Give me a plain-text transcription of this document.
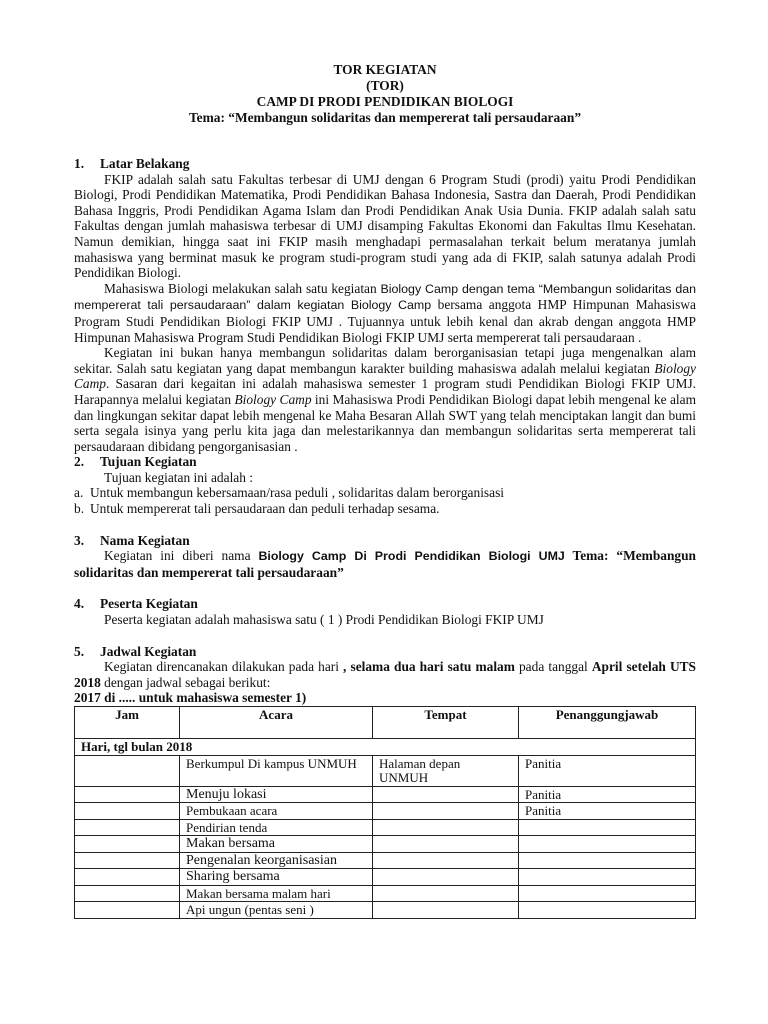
TOR KEGIATAN
(TOR)
CAMP DI PRODI PENDIDIKAN BIOLOGI
Tema: “Membangun solidaritas dan mempererat tali persaudaraan”
1.	Latar Belakang
FKIP adalah salah satu Fakultas terbesar di UMJ dengan 6 Program Studi (prodi) yaitu Prodi Pendidikan Biologi, Prodi Pendidikan Matematika, Prodi Pendidikan Bahasa Indonesia, Sastra dan Daerah, Prodi Pendidikan Bahasa Inggris, Prodi Pendidikan Agama Islam dan Prodi Pendidikan Anak Usia Dunia. FKIP adalah salah satu Fakultas dengan jumlah mahasiswa terbesar di UMJ disamping Fakultas Ekonomi dan Fakultas Ilmu Kesehatan. Namun demikian, hingga saat ini FKIP masih menghadapi permasalahan terkait belum meratanya jumlah mahasiswa yang berminat masuk ke program studi-program studi yang ada di FKIP, salah satunya adalah Prodi Pendidikan Biologi.
Mahasiswa Biologi melakukan salah satu kegiatan Biology Camp dengan tema “Membangun solidaritas dan mempererat tali persaudaraan” dalam kegiatan Biology Camp bersama anggota HMP Himpunan Mahasiswa Program Studi Pendidikan Biologi FKIP UMJ . Tujuannya untuk lebih kenal dan akrab dengan anggota HMP Himpunan Mahasiswa Program Studi Pendidikan Biologi FKIP UMJ serta mempererat tali persaudaraan .
Kegiatan ini bukan hanya membangun solidaritas dalam berorganisasian tetapi juga mengenalkan alam sekitar. Salah satu kegiatan yang dapat membangun karakter building mahasiswa adalah melalui kegiatan Biology Camp. Sasaran dari kegaitan ini adalah mahasiswa semester 1 program studi Pendidikan Biologi FKIP UMJ. Harapannya melalui kegiatan Biology Camp ini Mahasiswa Prodi Pendidikan Biologi dapat lebih mengenal ke alam dan lingkungan sekitar dapat lebih mengenal ke Maha Besaran Allah SWT yang telah menciptakan langit dan bumi serta segala isinya yang perlu kita jaga dan melestarikannya dan membangun solidaritas serta mempererat tali persaudaraan dibidang pengorganisasian .
2.	Tujuan Kegiatan
Tujuan kegiatan ini adalah :
a. Untuk membangun kebersamaan/rasa peduli , solidaritas dalam berorganisasi
b. Untuk mempererat tali persaudaraan dan peduli terhadap sesama.
3.	Nama Kegiatan
Kegiatan ini diberi nama Biology Camp Di Prodi Pendidikan Biologi UMJ Tema: “Membangun solidaritas dan mempererat tali persaudaraan”
4.	Peserta Kegiatan
Peserta kegiatan adalah mahasiswa satu ( 1 ) Prodi Pendidikan Biologi FKIP UMJ
5.	Jadwal Kegiatan
Kegiatan direncanakan dilakukan pada hari , selama dua hari satu malam pada tanggal April setelah UTS 2018 dengan jadwal sebagai berikut:
2017 di ..... untuk mahasiswa semester 1)
Jam	Acara	Tempat	Penanggungjawab
Hari, tgl bulan 2018			
	Berkumpul Di kampus UNMUH	Halaman depan UNMUH	Panitia
	Menuju lokasi		Panitia
	Pembukaan acara		Panitia
	Pendirian tenda		
	Makan bersama		
	Pengenalan keorganisasian		
	Sharing bersama		
	Makan bersama malam hari		
	Api ungun (pentas seni )		
